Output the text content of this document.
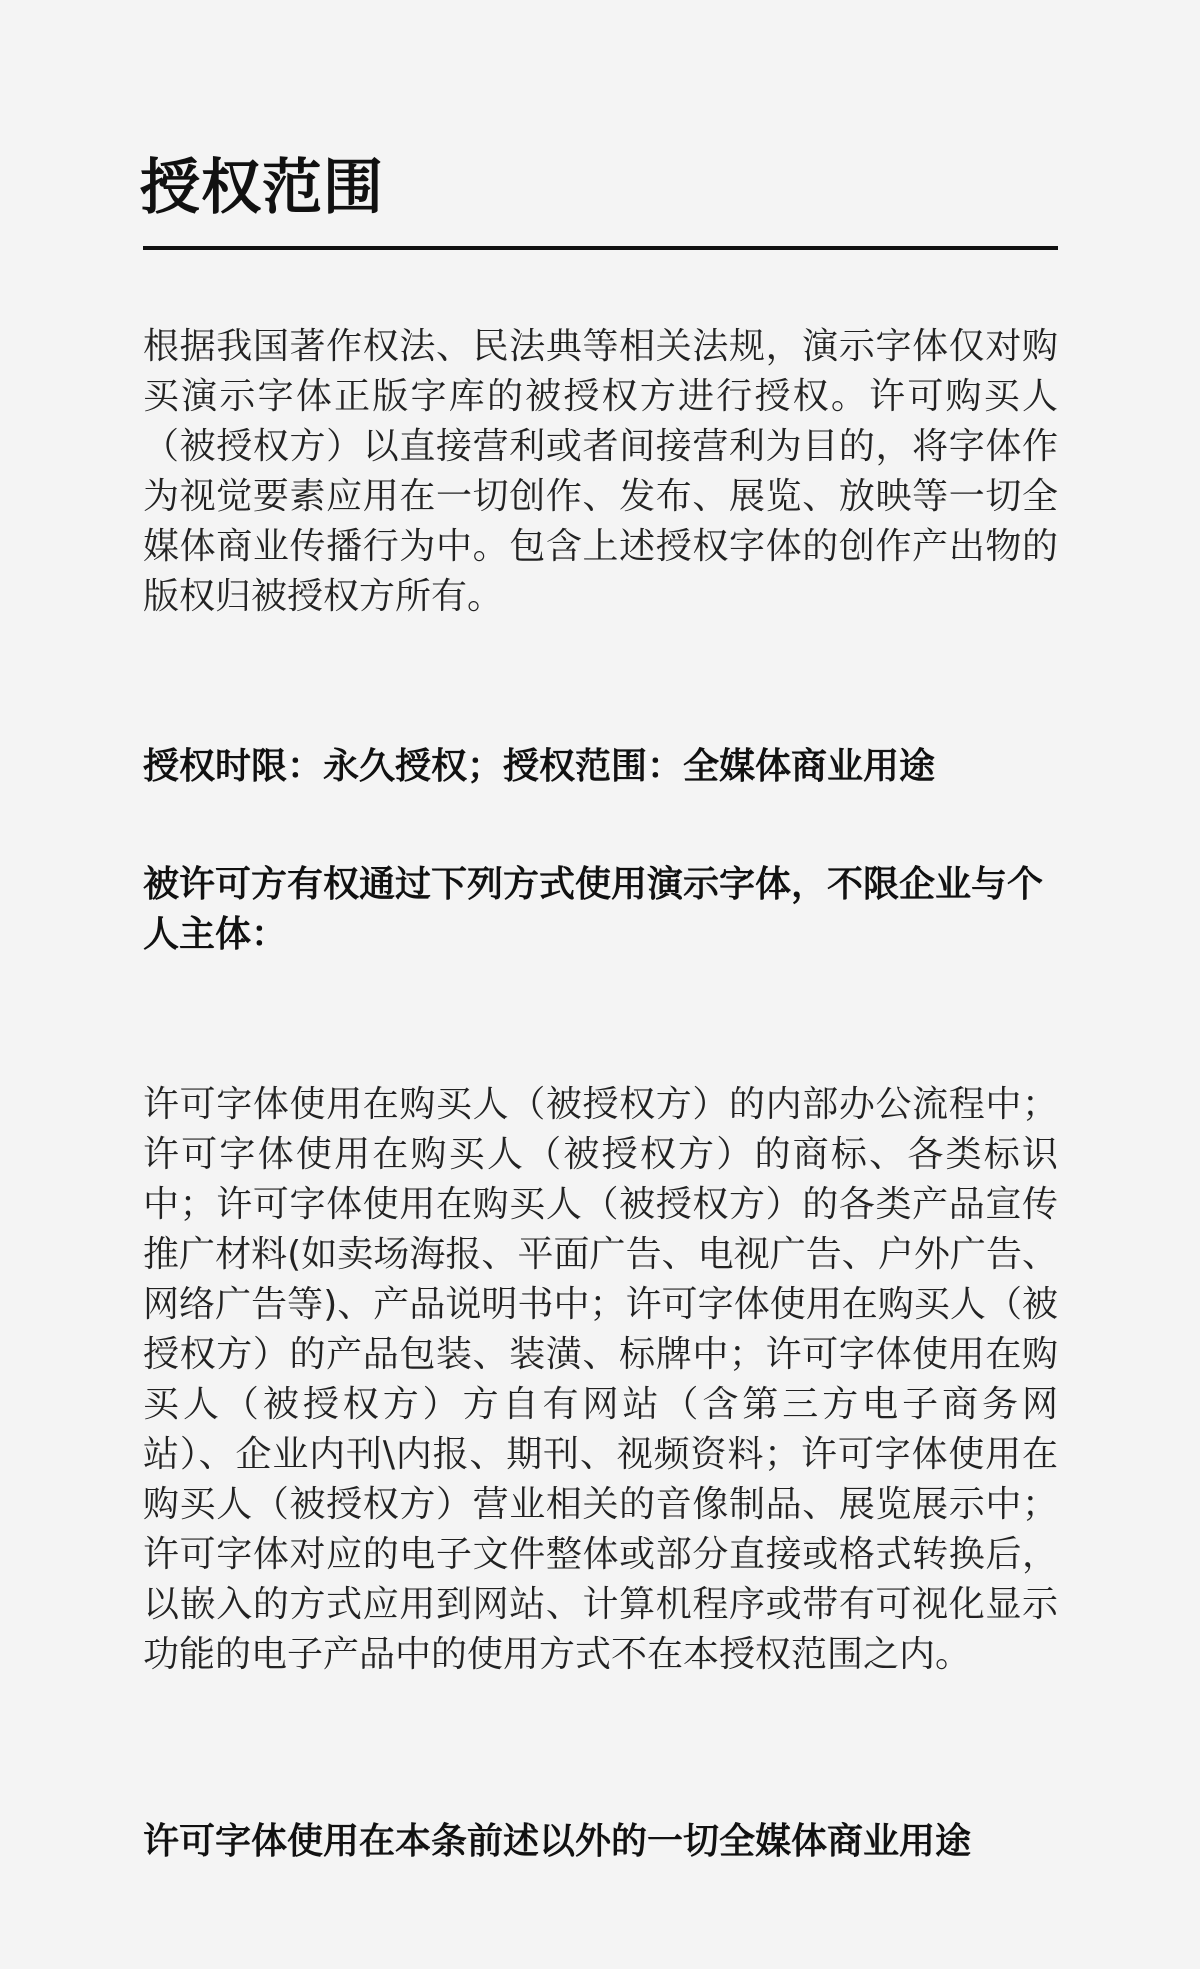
授权范围

根据我国著作权法、民法典等相关法规，演示字体仅对购买演示字体正版字库的被授权方进行授权。许可购买人（被授权方）以直接营利或者间接营利为目的，将字体作为视觉要素应用在一切创作、发布、展览、放映等一切全媒体商业传播行为中。包含上述授权字体的创作产出物的版权归被授权方所有。

授权时限：永久授权；授权范围：全媒体商业用途

被许可方有权通过下列方式使用演示字体，不限企业与个人主体：

许可字体使用在购买人（被授权方）的内部办公流程中；许可字体使用在购买人（被授权方）的商标、各类标识中；许可字体使用在购买人（被授权方）的各类产品宣传推广材料(如卖场海报、平面广告、电视广告、户外广告、网络广告等)、产品说明书中；许可字体使用在购买人（被授权方）的产品包装、装潢、标牌中；许可字体使用在购买人（被授权方）方自有网站（含第三方电子商务网站）、企业内刊\内报、期刊、视频资料；许可字体使用在购买人（被授权方）营业相关的音像制品、展览展示中；许可字体对应的电子文件整体或部分直接或格式转换后，以嵌入的方式应用到网站、计算机程序或带有可视化显示功能的电子产品中的使用方式不在本授权范围之内。

许可字体使用在本条前述以外的一切全媒体商业用途
